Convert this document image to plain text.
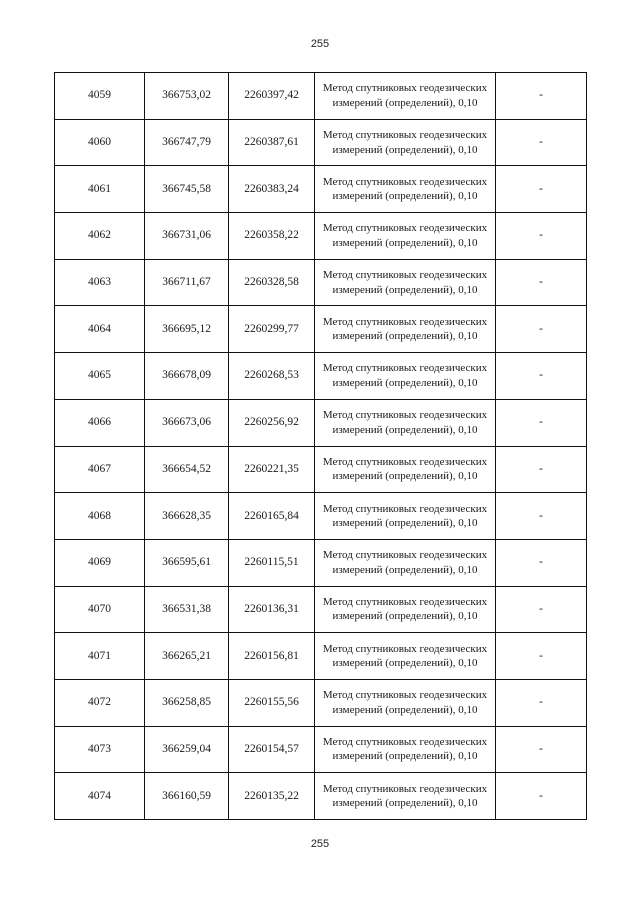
255
4059	366753,02	2260397,42	Метод спутниковых геодезических измерений (определений), 0,10	-
4060	366747,79	2260387,61	Метод спутниковых геодезических измерений (определений), 0,10	-
4061	366745,58	2260383,24	Метод спутниковых геодезических измерений (определений), 0,10	-
4062	366731,06	2260358,22	Метод спутниковых геодезических измерений (определений), 0,10	-
4063	366711,67	2260328,58	Метод спутниковых геодезических измерений (определений), 0,10	-
4064	366695,12	2260299,77	Метод спутниковых геодезических измерений (определений), 0,10	-
4065	366678,09	2260268,53	Метод спутниковых геодезических измерений (определений), 0,10	-
4066	366673,06	2260256,92	Метод спутниковых геодезических измерений (определений), 0,10	-
4067	366654,52	2260221,35	Метод спутниковых геодезических измерений (определений), 0,10	-
4068	366628,35	2260165,84	Метод спутниковых геодезических измерений (определений), 0,10	-
4069	366595,61	2260115,51	Метод спутниковых геодезических измерений (определений), 0,10	-
4070	366531,38	2260136,31	Метод спутниковых геодезических измерений (определений), 0,10	-
4071	366265,21	2260156,81	Метод спутниковых геодезических измерений (определений), 0,10	-
4072	366258,85	2260155,56	Метод спутниковых геодезических измерений (определений), 0,10	-
4073	366259,04	2260154,57	Метод спутниковых геодезических измерений (определений), 0,10	-
4074	366160,59	2260135,22	Метод спутниковых геодезических измерений (определений), 0,10	-
255
